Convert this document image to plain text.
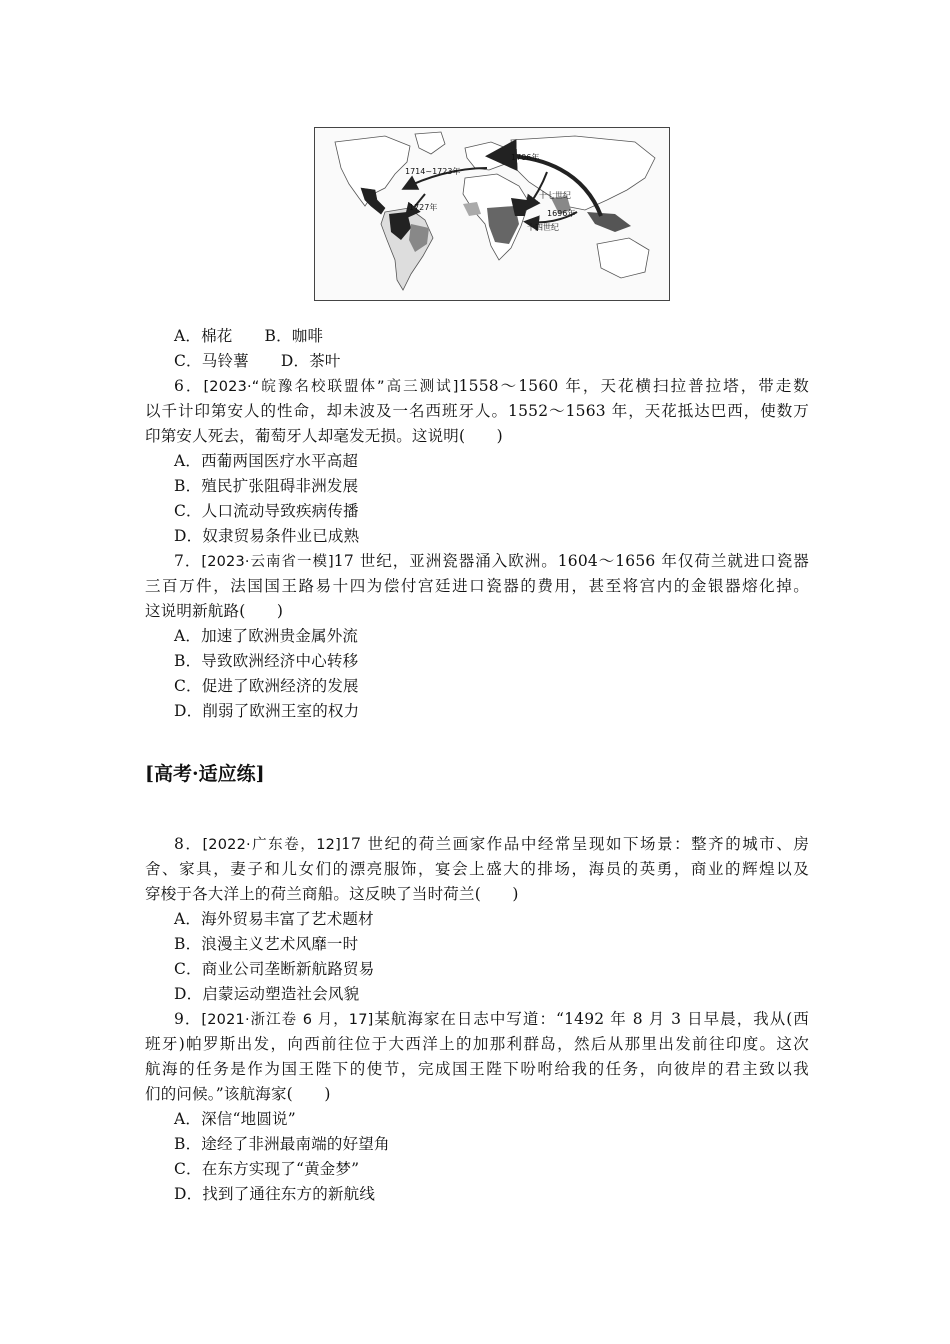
1706年
1714~1723年
十七世纪
1696年
1727年
十四世纪
A．棉花 B．咖啡
C．马铃薯 D．茶叶
6．[2023·“皖豫名校联盟体”高三测试]1558～1560 年，天花横扫拉普拉塔，带走数
以千计印第安人的性命，却未波及一名西班牙人。1552～1563 年，天花抵达巴西，使数万
印第安人死去，葡萄牙人却毫发无损。这说明(　　)
A．西葡两国医疗水平高超
B．殖民扩张阻碍非洲发展
C．人口流动导致疾病传播
D．奴隶贸易条件业已成熟
7．[2023·云南省一模]17 世纪，亚洲瓷器涌入欧洲。1604～1656 年仅荷兰就进口瓷器
三百万件，法国国王路易十四为偿付宫廷进口瓷器的费用，甚至将宫内的金银器熔化掉。
这说明新航路(　　)
A．加速了欧洲贵金属外流
B．导致欧洲经济中心转移
C．促进了欧洲经济的发展
D．削弱了欧洲王室的权力
[高考·适应练]
8．[2022·广东卷，12]17 世纪的荷兰画家作品中经常呈现如下场景：整齐的城市、房
舍、家具，妻子和儿女们的漂亮服饰，宴会上盛大的排场，海员的英勇，商业的辉煌以及
穿梭于各大洋上的荷兰商船。这反映了当时荷兰(　　)
A．海外贸易丰富了艺术题材
B．浪漫主义艺术风靡一时
C．商业公司垄断新航路贸易
D．启蒙运动塑造社会风貌
9．[2021·浙江卷 6 月，17]某航海家在日志中写道：“1492 年 8 月 3 日早晨，我从(西
班牙)帕罗斯出发，向西前往位于大西洋上的加那利群岛，然后从那里出发前往印度。这次
航海的任务是作为国王陛下的使节，完成国王陛下吩咐给我的任务，向彼岸的君主致以我
们的问候。”该航海家(　　)
A．深信“地圆说”
B．途经了非洲最南端的好望角
C．在东方实现了“黄金梦”
D．找到了通往东方的新航线
